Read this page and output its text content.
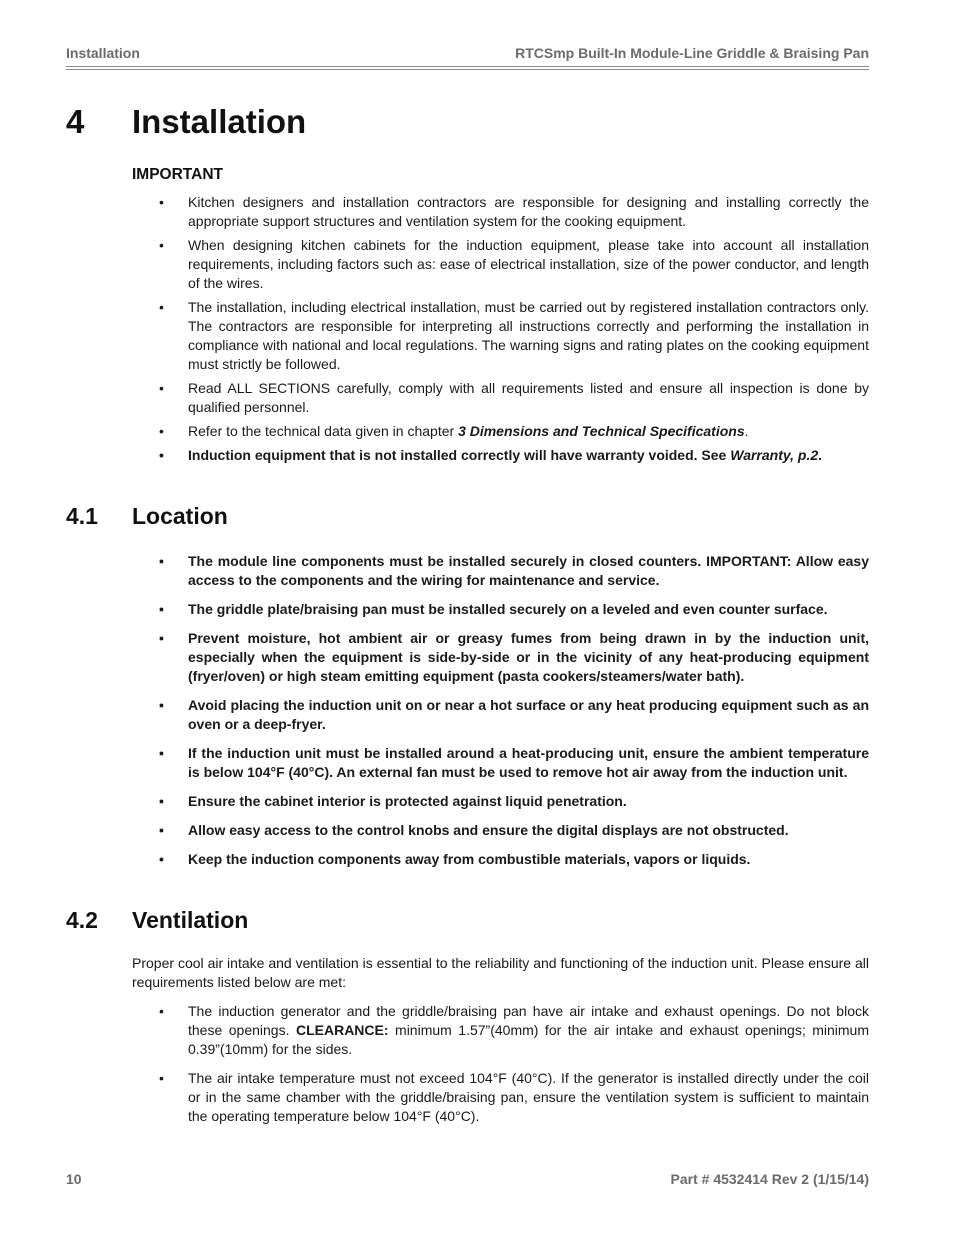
Installation	RTCSmp Built-In Module-Line Griddle & Braising Pan
4 Installation
IMPORTANT
• Kitchen designers and installation contractors are responsible for designing and installing correctly the appropriate support structures and ventilation system for the cooking equipment.
• When designing kitchen cabinets for the induction equipment, please take into account all installation requirements, including factors such as: ease of electrical installation, size of the power conductor, and length of the wires.
• The installation, including electrical installation, must be carried out by registered installation contractors only. The contractors are responsible for interpreting all instructions correctly and performing the installation in compliance with national and local regulations. The warning signs and rating plates on the cooking equipment must strictly be followed.
• Read ALL SECTIONS carefully, comply with all requirements listed and ensure all inspection is done by qualified personnel.
• Refer to the technical data given in chapter 3 Dimensions and Technical Specifications.
• Induction equipment that is not installed correctly will have warranty voided. See Warranty, p.2.
4.1 Location
• The module line components must be installed securely in closed counters. IMPORTANT: Allow easy access to the components and the wiring for maintenance and service.
• The griddle plate/braising pan must be installed securely on a leveled and even counter surface.
• Prevent moisture, hot ambient air or greasy fumes from being drawn in by the induction unit, especially when the equipment is side-by-side or in the vicinity of any heat-producing equipment (fryer/oven) or high steam emitting equipment (pasta cookers/steamers/water bath).
• Avoid placing the induction unit on or near a hot surface or any heat producing equipment such as an oven or a deep-fryer.
• If the induction unit must be installed around a heat-producing unit, ensure the ambient temperature is below 104°F (40°C). An external fan must be used to remove hot air away from the induction unit.
• Ensure the cabinet interior is protected against liquid penetration.
• Allow easy access to the control knobs and ensure the digital displays are not obstructed.
• Keep the induction components away from combustible materials, vapors or liquids.
4.2 Ventilation
Proper cool air intake and ventilation is essential to the reliability and functioning of the induction unit. Please ensure all requirements listed below are met:
• The induction generator and the griddle/braising pan have air intake and exhaust openings. Do not block these openings. CLEARANCE: minimum 1.57”(40mm) for the air intake and exhaust openings; minimum 0.39”(10mm) for the sides.
• The air intake temperature must not exceed 104°F (40°C). If the generator is installed directly under the coil or in the same chamber with the griddle/braising pan, ensure the ventilation system is sufficient to maintain the operating temperature below 104°F (40°C).
10	Part # 4532414 Rev 2 (1/15/14)
